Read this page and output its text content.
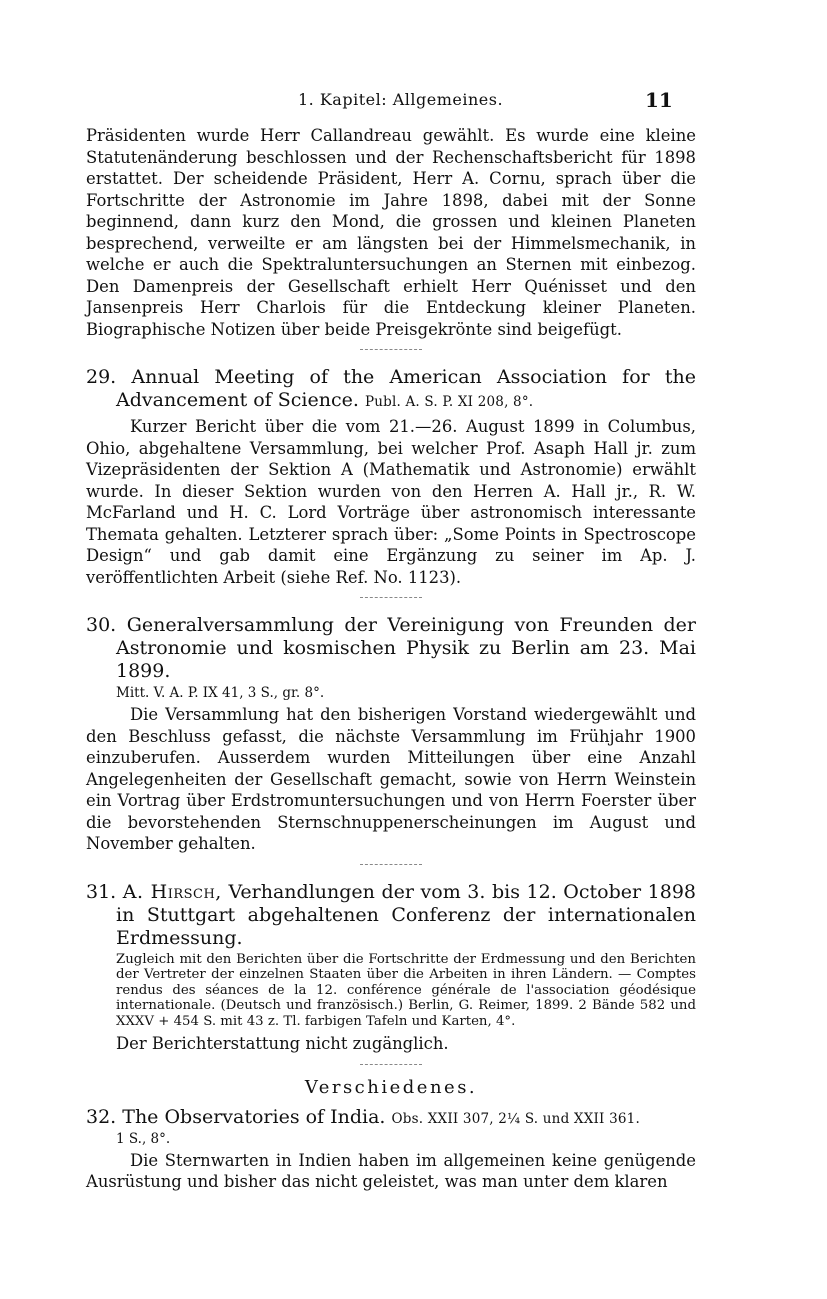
1. Kapitel: Allgemeines.	11

Präsidenten wurde Herr Callandreau gewählt. Es wurde eine kleine Statutenänderung beschlossen und der Rechenschaftsbericht für 1898 erstattet. Der scheidende Präsident, Herr A. Cornu, sprach über die Fortschritte der Astronomie im Jahre 1898, dabei mit der Sonne beginnend, dann kurz den Mond, die grossen und kleinen Planeten besprechend, verweilte er am längsten bei der Himmelsmechanik, in welche er auch die Spektraluntersuchungen an Sternen mit einbezog. Den Damenpreis der Gesellschaft erhielt Herr Quénisset und den Jansenpreis Herr Charlois für die Entdeckung kleiner Planeten. Biographische Notizen über beide Preisgekrönte sind beigefügt.

29. Annual Meeting of the American Association for the Advancement of Science. Publ. A. S. P. XI 208, 8°.

Kurzer Bericht über die vom 21.—26. August 1899 in Columbus, Ohio, abgehaltene Versammlung, bei welcher Prof. Asaph Hall jr. zum Vizepräsidenten der Sektion A (Mathematik und Astronomie) erwählt wurde. In dieser Sektion wurden von den Herren A. Hall jr., R. W. McFarland und H. C. Lord Vorträge über astronomisch interessante Themata gehalten. Letzterer sprach über: „Some Points in Spectroscope Design“ und gab damit eine Ergänzung zu seiner im Ap. J. veröffentlichten Arbeit (siehe Ref. No. 1123).

30. Generalversammlung der Vereinigung von Freunden der Astronomie und kosmischen Physik zu Berlin am 23. Mai 1899.

Mitt. V. A. P. IX 41, 3 S., gr. 8°.

Die Versammlung hat den bisherigen Vorstand wiedergewählt und den Beschluss gefasst, die nächste Versammlung im Frühjahr 1900 einzuberufen. Ausserdem wurden Mitteilungen über eine Anzahl Angelegenheiten der Gesellschaft gemacht, sowie von Herrn Weinstein ein Vortrag über Erdstromuntersuchungen und von Herrn Foerster über die bevorstehenden Sternschnuppenerscheinungen im August und November gehalten.

31. A. Hirsch, Verhandlungen der vom 3. bis 12. October 1898 in Stuttgart abgehaltenen Conferenz der internationalen Erdmessung.

Zugleich mit den Berichten über die Fortschritte der Erdmessung und den Berichten der Vertreter der einzelnen Staaten über die Arbeiten in ihren Ländern. — Comptes rendus des séances de la 12. conférence générale de l'association géodésique internationale. (Deutsch und französisch.) Berlin, G. Reimer, 1899. 2 Bände 582 und XXXV + 454 S. mit 43 z. Tl. farbigen Tafeln und Karten, 4°.

Der Berichterstattung nicht zugänglich.

Verschiedenes.

32. The Observatories of India. Obs. XXII 307, 2¼ S. und XXII 361.

1 S., 8°.

Die Sternwarten in Indien haben im allgemeinen keine genügende Ausrüstung und bisher das nicht geleistet, was man unter dem klaren
